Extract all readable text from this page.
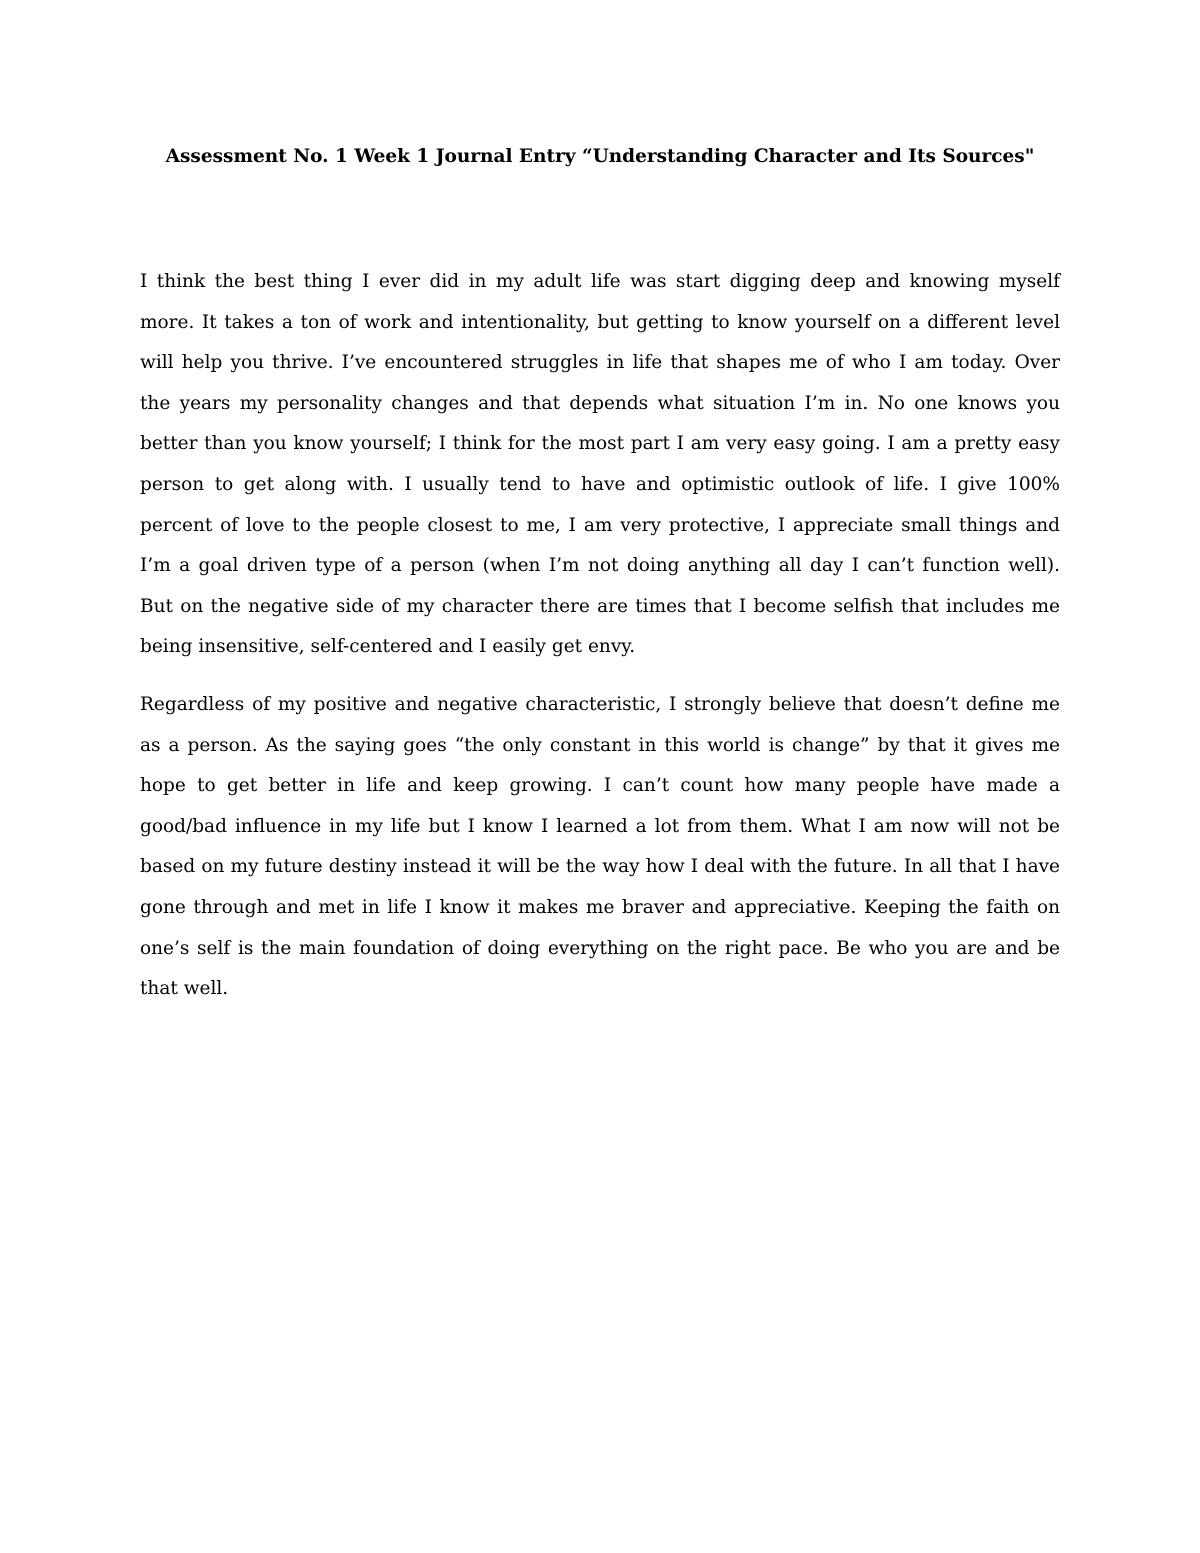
Assessment No. 1 Week 1 Journal Entry “Understanding Character and Its Sources"

I think the best thing I ever did in my adult life was start digging deep and knowing myself
more. It takes a ton of work and intentionality, but getting to know yourself on a different level
will help you thrive. I’ve encountered struggles in life that shapes me of who I am today. Over
the years my personality changes and that depends what situation I’m in. No one knows you
better than you know yourself; I think for the most part I am very easy going. I am a pretty easy
person to get along with. I usually tend to have and optimistic outlook of life. I give 100%
percent of love to the people closest to me, I am very protective, I appreciate small things and
I’m a goal driven type of a person (when I’m not doing anything all day I can’t function well).
But on the negative side of my character there are times that I become selfish that includes me
being insensitive, self-centered and I easily get envy.

Regardless of my positive and negative characteristic, I strongly believe that doesn’t define me
as a person. As the saying goes “the only constant in this world is change” by that it gives me
hope to get better in life and keep growing. I can’t count how many people have made a
good/bad influence in my life but I know I learned a lot from them. What I am now will not be
based on my future destiny instead it will be the way how I deal with the future. In all that I have
gone through and met in life I know it makes me braver and appreciative. Keeping the faith on
one’s self is the main foundation of doing everything on the right pace. Be who you are and be
that well.
